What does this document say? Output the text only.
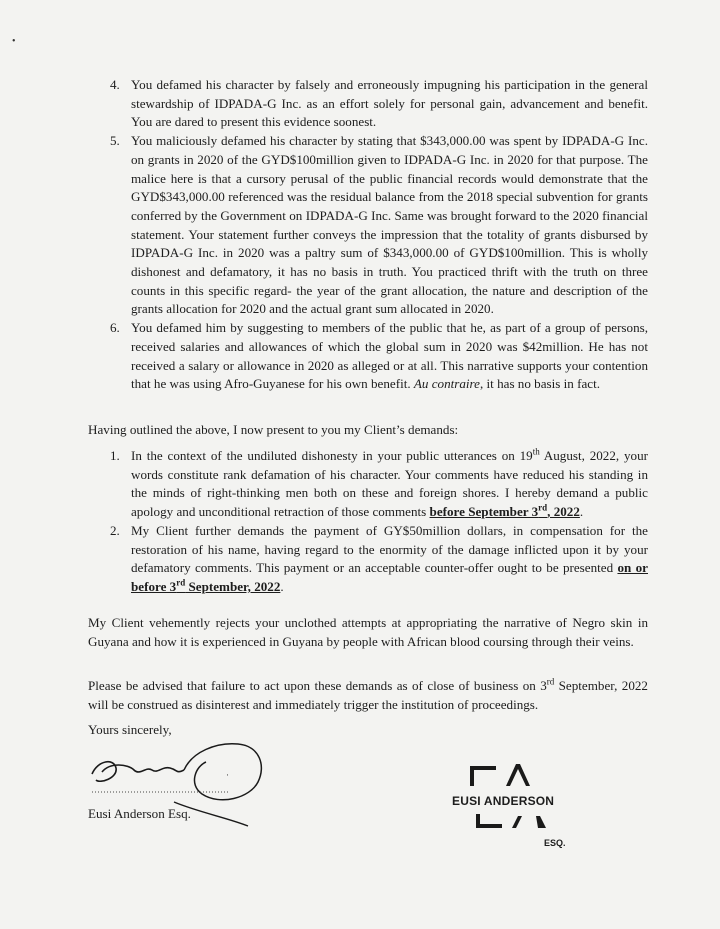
•
4. You defamed his character by falsely and erroneously impugning his participation in the general stewardship of IDPADA-G Inc. as an effort solely for personal gain, advancement and benefit. You are dared to present this evidence soonest.
5. You maliciously defamed his character by stating that $343,000.00 was spent by IDPADA-G Inc. on grants in 2020 of the GYD$100million given to IDPADA-G Inc. in 2020 for that purpose. The malice here is that a cursory perusal of the public financial records would demonstrate that the GYD$343,000.00 referenced was the residual balance from the 2018 special subvention for grants conferred by the Government on IDPADA-G Inc. Same was brought forward to the 2020 financial statement. Your statement further conveys the impression that the totality of grants disbursed by IDPADA-G Inc. in 2020 was a paltry sum of $343,000.00 of GYD$100million. This is wholly dishonest and defamatory, it has no basis in truth. You practiced thrift with the truth on three counts in this specific regard- the year of the grant allocation, the nature and description of the grants allocation for 2020 and the actual grant sum allocated in 2020.
6. You defamed him by suggesting to members of the public that he, as part of a group of persons, received salaries and allowances of which the global sum in 2020 was $42million. He has not received a salary or allowance in 2020 as alleged or at all. This narrative supports your contention that he was using Afro-Guyanese for his own benefit. Au contraire, it has no basis in fact.

Having outlined the above, I now present to you my Client’s demands:

1. In the context of the undiluted dishonesty in your public utterances on 19th August, 2022, your words constitute rank defamation of his character. Your comments have reduced his standing in the minds of right-thinking men both on these and foreign shores. I hereby demand a public apology and unconditional retraction of those comments before September 3rd, 2022.
2. My Client further demands the payment of GY$50million dollars, in compensation for the restoration of his name, having regard to the enormity of the damage inflicted upon it by your defamatory comments. This payment or an acceptable counter-offer ought to be presented on or before 3rd September, 2022.

My Client vehemently rejects your unclothed attempts at appropriating the narrative of Negro skin in Guyana and how it is experienced in Guyana by people with African blood coursing through their veins.

Please be advised that failure to act upon these demands as of close of business on 3rd September, 2022 will be construed as disinterest and immediately trigger the institution of proceedings.

·
Yours sincerely,
Eusi Anderson Esq.
EUSI ANDERSON
ESQ.
